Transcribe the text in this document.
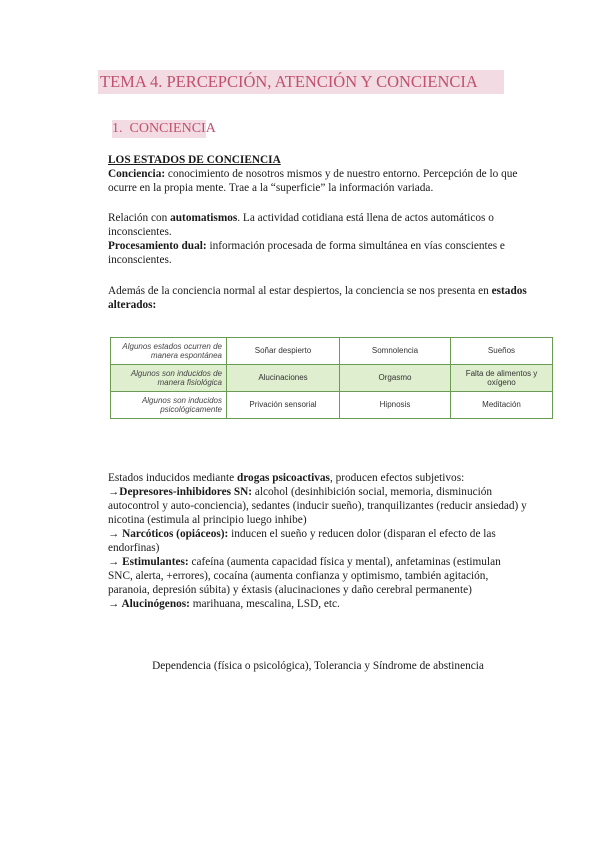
TEMA 4. PERCEPCIÓN, ATENCIÓN Y CONCIENCIA
1. CONCIENCIA
LOS ESTADOS DE CONCIENCIA
Conciencia: conocimiento de nosotros mismos y de nuestro entorno. Percepción de lo que ocurre en la propia mente. Trae a la “superficie” la información variada.
Relación con automatismos. La actividad cotidiana está llena de actos automáticos o inconscientes.
Procesamiento dual: información procesada de forma simultánea en vías conscientes e inconscientes.
Además de la conciencia normal al estar despiertos, la conciencia se nos presenta en estados alterados:
Algunos estados ocurren de manera espontánea	Soñar despierto	Somnolencia	Sueños
Algunos son inducidos de manera fisiológica	Alucinaciones	Orgasmo	Falta de alimentos y oxígeno
Algunos son inducidos psicológicamente	Privación sensorial	Hipnosis	Meditación
Estados inducidos mediante drogas psicoactivas, producen efectos subjetivos:
→Depresores-inhibidores SN: alcohol (desinhibición social, memoria, disminución autocontrol y auto-conciencia), sedantes (inducir sueño), tranquilizantes (reducir ansiedad) y nicotina (estimula al principio luego inhibe)
→ Narcóticos (opiáceos): inducen el sueño y reducen dolor (disparan el efecto de las endorfinas)
→ Estimulantes: cafeína (aumenta capacidad física y mental), anfetaminas (estimulan SNC, alerta, +errores), cocaína (aumenta confianza y optimismo, también agitación, paranoia, depresión súbita) y éxtasis (alucinaciones y daño cerebral permanente)
→ Alucinógenos: marihuana, mescalina, LSD, etc.
Dependencia (física o psicológica), Tolerancia y Síndrome de abstinencia
